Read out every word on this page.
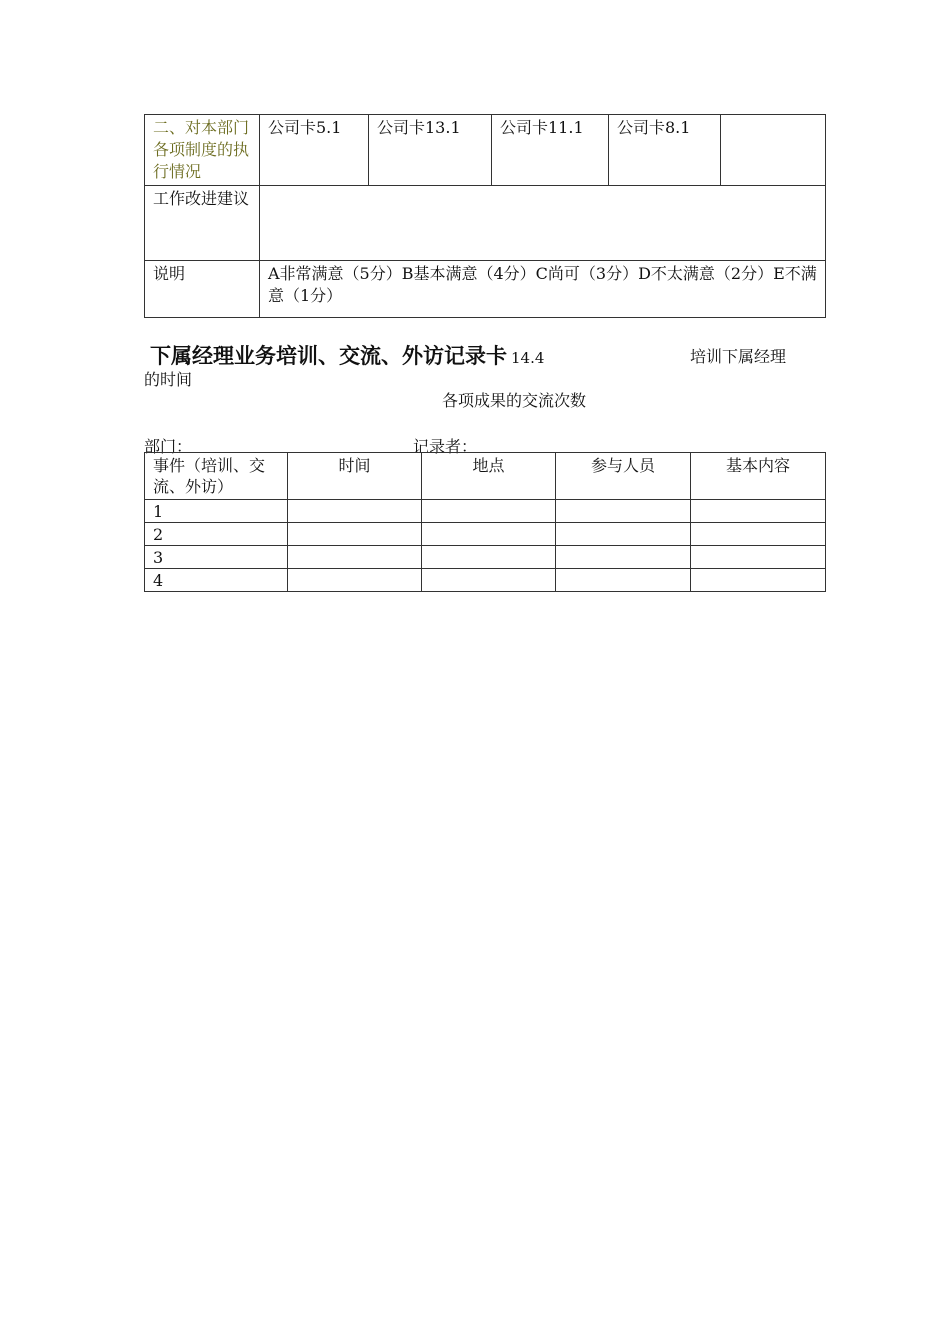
二、对本部门各项制度的执行情况	公司卡5.1	公司卡13.1	公司卡11.1	公司卡8.1	
工作改进建议					
说明	A非常满意（5分）B基本满意（4分）C尚可（3分）D不太满意（2分）E不满意（1分）				
下属经理业务培训、交流、外访记录卡 14.4	培训下属经理
的时间
各项成果的交流次数
部门：	记录者：
事件（培训、交流、外访）	时间	地点	参与人员	基本内容
1				
2				
3				
4				
